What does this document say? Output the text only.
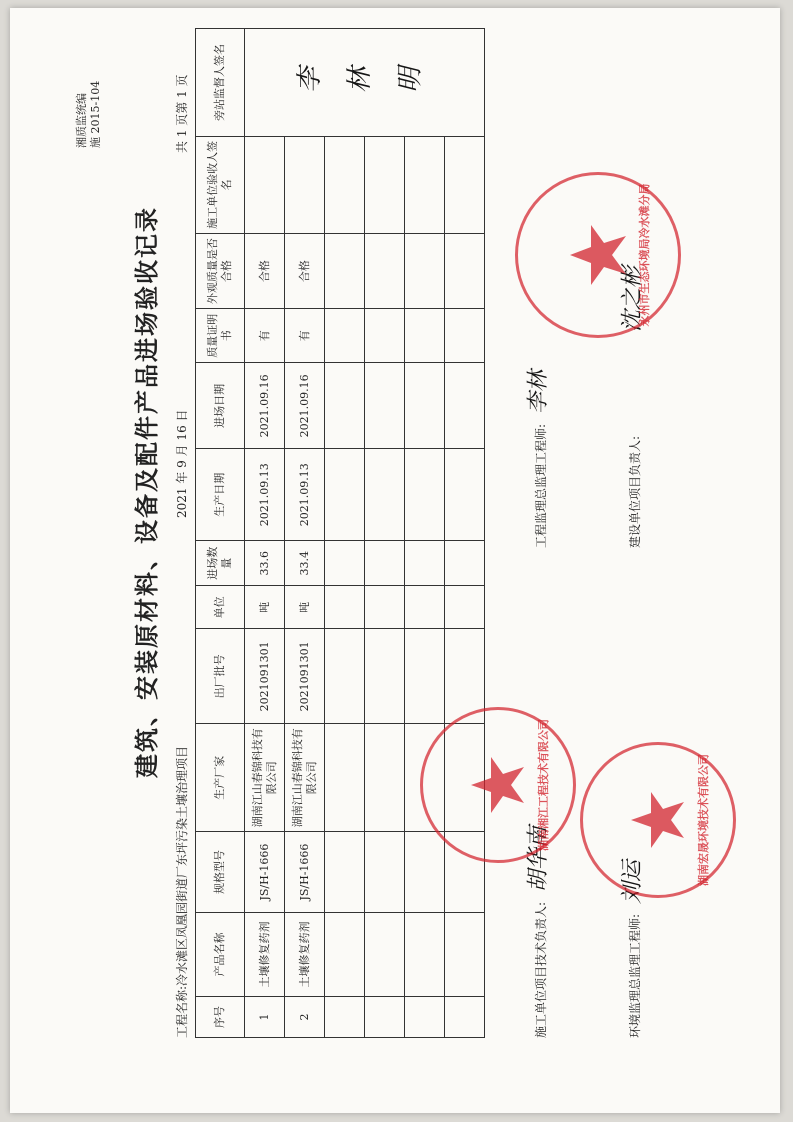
湘质监统编 施 2015-104
建筑、安装原材料、设备及配件产品进场验收记录
工程名称:冷水滩区凤凰园街道厂东坪污染土壤治理项目
2021 年 9 月 16 日
共 1 页第 1 页
序号	产品名称	规格型号	生产厂家	出厂批号	单位	进场数量	生产日期	进场日期	质量证明书	外观质量是否合格	施工单位验收人签名	旁站监督人签名
1	土壤修复药剂	JS/H-1666	湖南江山春锦科技有限公司	2021091301	吨	33.6	2021.09.13	2021.09.16	有	合格		李 林 明
2	土壤修复药剂	JS/H-1666	湖南江山春锦科技有限公司	2021091301	吨	33.4	2021.09.13	2021.09.16	有	合格		

施工单位项目技术负责人: 胡华南
工程监理总监理工程师: 李林
环境监理总监理工程师: 刘运
建设单位项目负责人: 沈之彬
湖南湘江工程技术有限公司
永州市生态环境局冷水滩分局
湖南宏晟环境技术有限公司
